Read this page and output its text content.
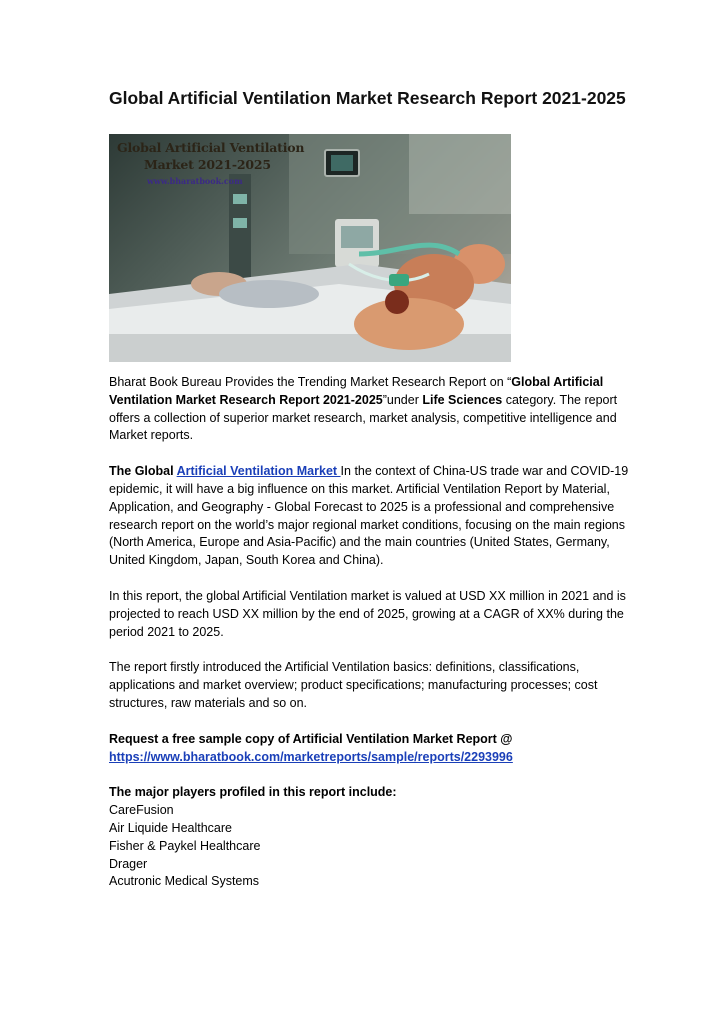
Global Artificial Ventilation Market Research Report 2021-2025
Global Artificial Ventilation
Market 2021-2025
www.bharatbook.com

Bharat Book Bureau Provides the Trending Market Research Report on “Global Artificial Ventilation Market Research Report 2021-2025”under Life Sciences category. The report offers a collection of superior market research, market analysis, competitive intelligence and Market reports.

The Global Artificial Ventilation Market In the context of China-US trade war and COVID-19 epidemic, it will have a big influence on this market. Artificial Ventilation Report by Material, Application, and Geography - Global Forecast to 2025 is a professional and comprehensive research report on the world’s major regional market conditions, focusing on the main regions (North America, Europe and Asia-Pacific) and the main countries (United States, Germany, United Kingdom, Japan, South Korea and China).

In this report, the global Artificial Ventilation market is valued at USD XX million in 2021 and is projected to reach USD XX million by the end of 2025, growing at a CAGR of XX% during the period 2021 to 2025.

The report firstly introduced the Artificial Ventilation basics: definitions, classifications, applications and market overview; product specifications; manufacturing processes; cost structures, raw materials and so on.

Request a free sample copy of Artificial Ventilation Market Report @
https://www.bharatbook.com/marketreports/sample/reports/2293996

The major players profiled in this report include:

CareFusion
Air Liquide Healthcare
Fisher & Paykel Healthcare
Drager
Acutronic Medical Systems
